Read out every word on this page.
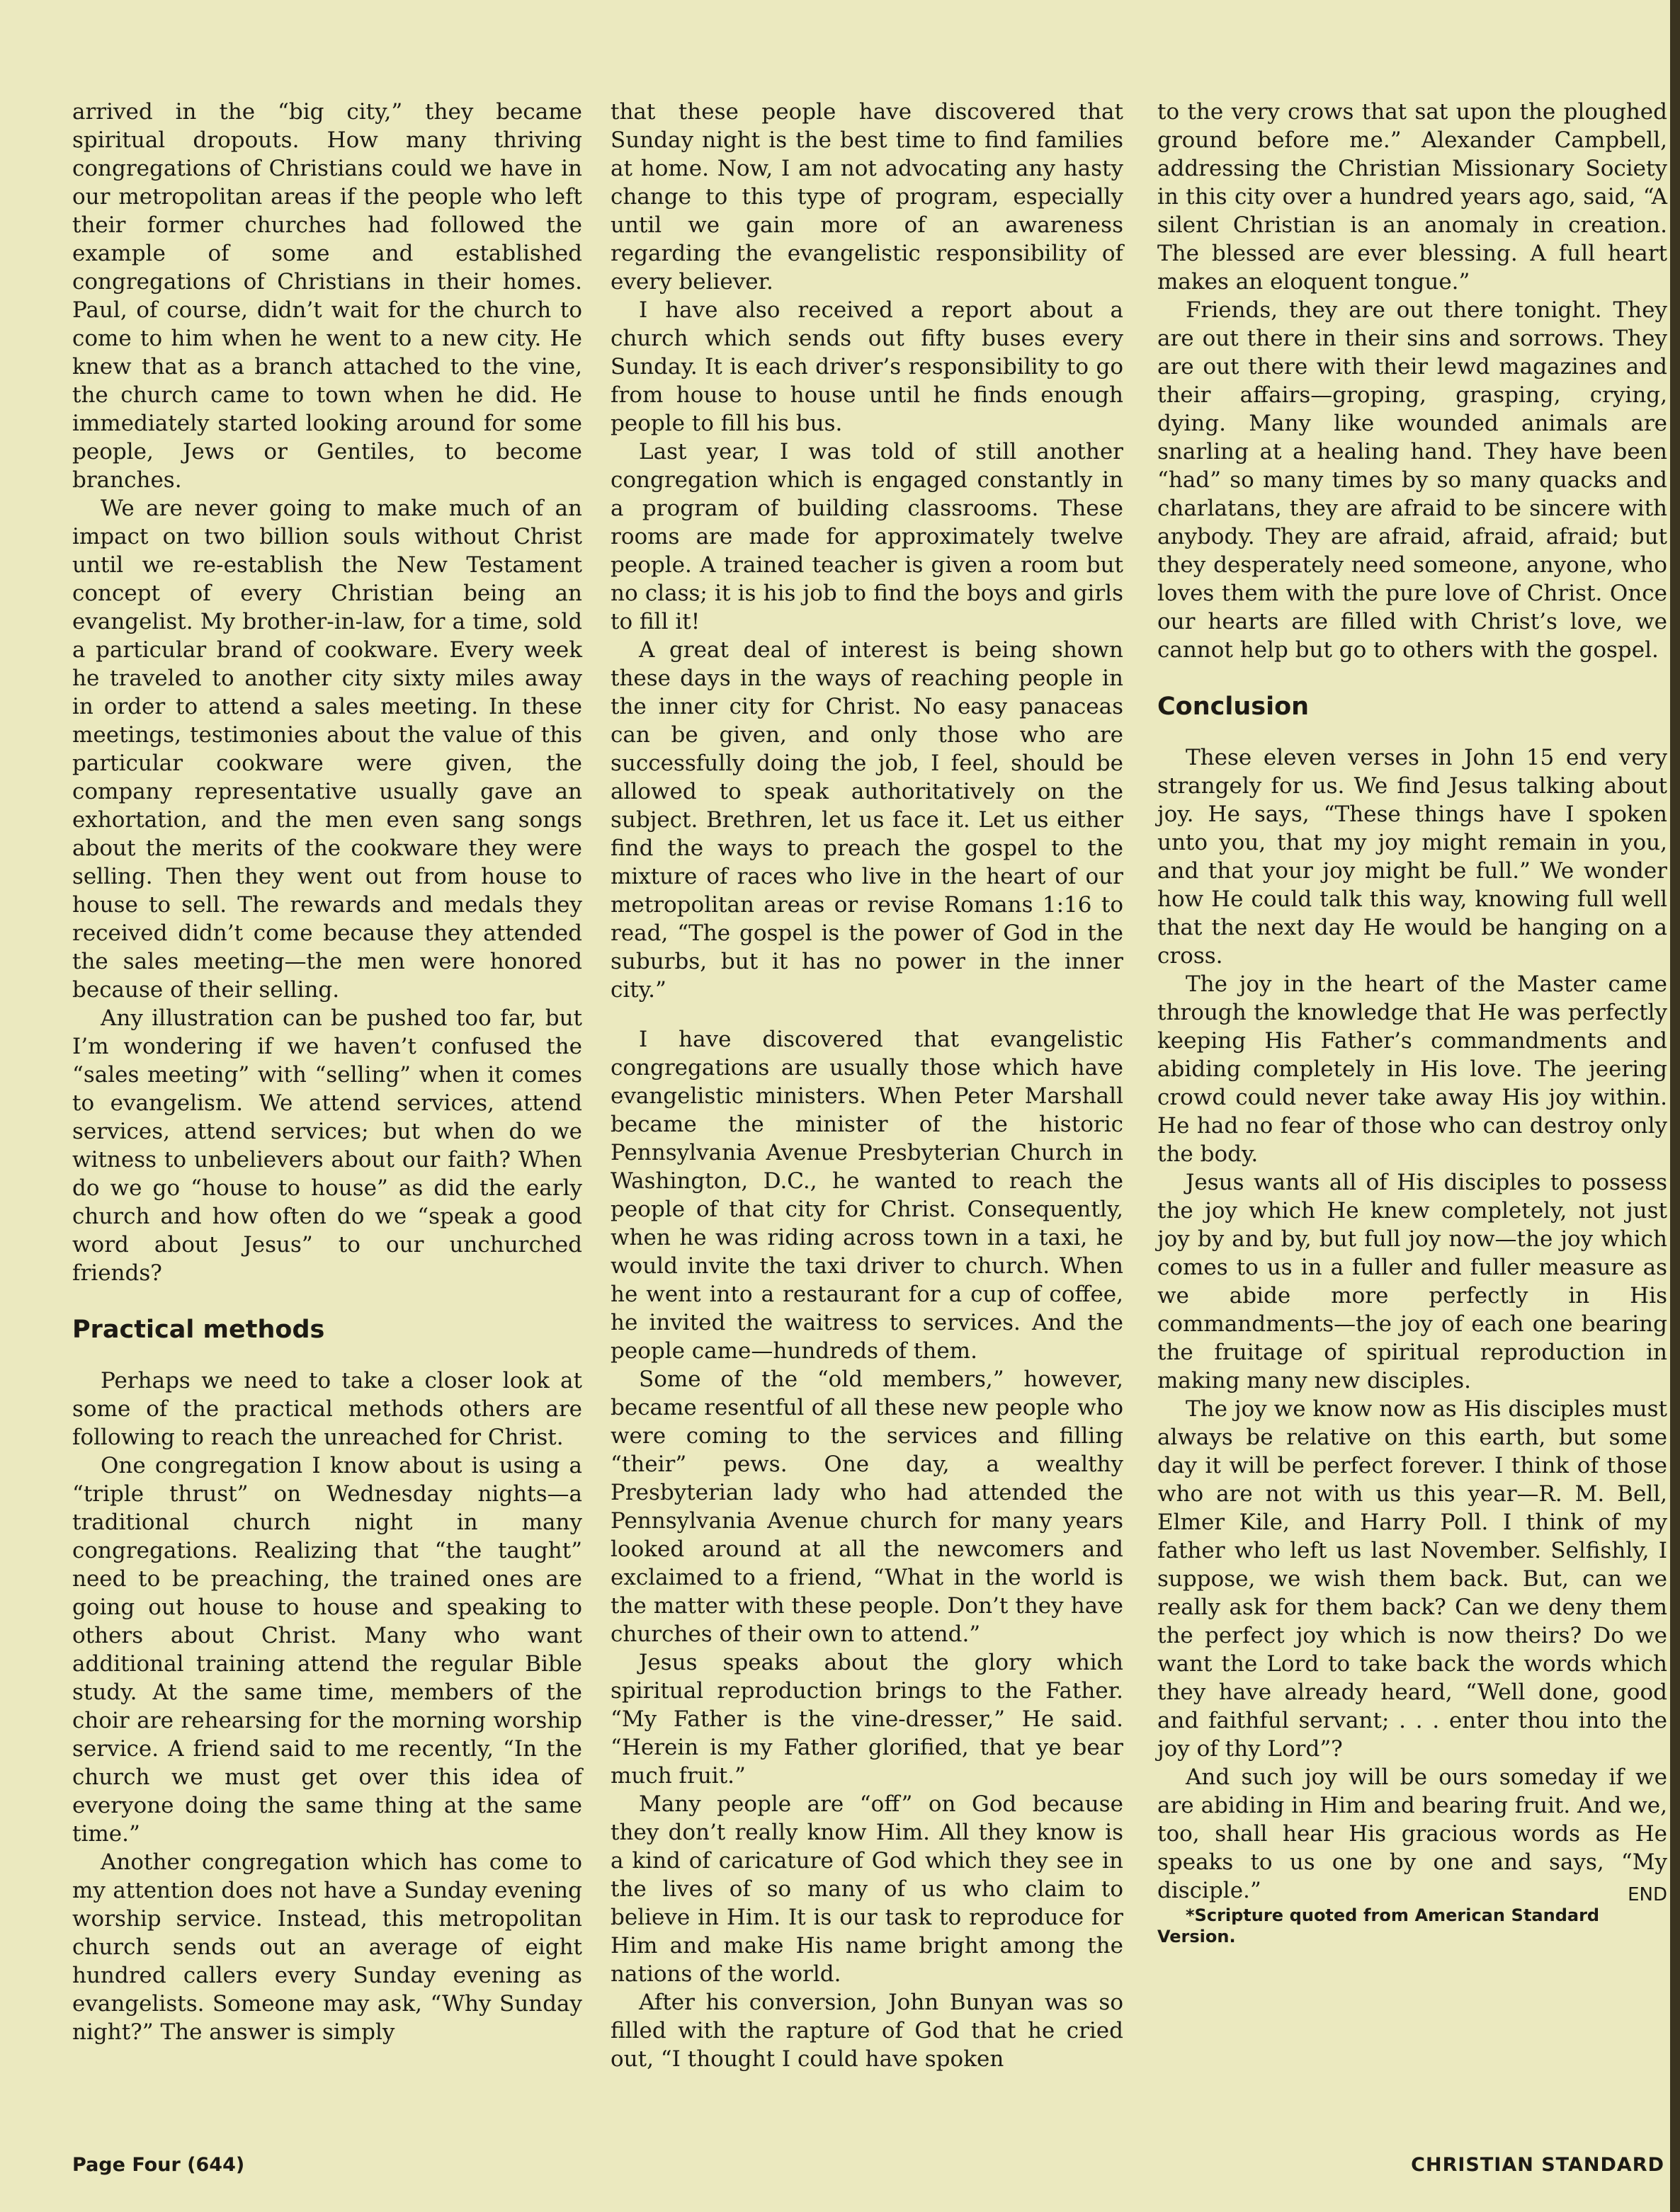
arrived in the “big city,” they became spiritual dropouts. How many thriving congregations of Christians could we have in our metropolitan areas if the people who left their former churches had followed the example of some and established congregations of Christians in their homes. Paul, of course, didn’t wait for the church to come to him when he went to a new city. He knew that as a branch attached to the vine, the church came to town when he did. He immediately started looking around for some people, Jews or Gentiles, to become branches.

We are never going to make much of an impact on two billion souls without Christ until we re-establish the New Testament concept of every Christian being an evangelist. My brother-in-law, for a time, sold a particular brand of cookware. Every week he traveled to another city sixty miles away in order to attend a sales meeting. In these meetings, testimonies about the value of this particular cookware were given, the company representative usually gave an exhortation, and the men even sang songs about the merits of the cookware they were selling. Then they went out from house to house to sell. The rewards and medals they received didn’t come because they attended the sales meeting—the men were honored because of their selling.

Any illustration can be pushed too far, but I’m wondering if we haven’t confused the “sales meeting” with “selling” when it comes to evangelism. We attend services, attend services, attend services; but when do we witness to unbelievers about our faith? When do we go “house to house” as did the early church and how often do we “speak a good word about Jesus” to our unchurched friends?

Practical methods

Perhaps we need to take a closer look at some of the practical methods others are following to reach the unreached for Christ.

One congregation I know about is using a “triple thrust” on Wednesday nights—a traditional church night in many congregations. Realizing that “the taught” need to be preaching, the trained ones are going out house to house and speaking to others about Christ. Many who want additional training attend the regular Bible study. At the same time, members of the choir are rehearsing for the morning worship service. A friend said to me recently, “In the church we must get over this idea of everyone doing the same thing at the same time.”

Another congregation which has come to my attention does not have a Sunday evening worship service. Instead, this metropolitan church sends out an average of eight hundred callers every Sunday evening as evangelists. Someone may ask, “Why Sunday night?” The answer is simply

that these people have discovered that Sunday night is the best time to find families at home. Now, I am not advocating any hasty change to this type of program, especially until we gain more of an awareness regarding the evangelistic responsibility of every believer.

I have also received a report about a church which sends out fifty buses every Sunday. It is each driver’s responsibility to go from house to house until he finds enough people to fill his bus.

Last year, I was told of still another congregation which is engaged constantly in a program of building classrooms. These rooms are made for approximately twelve people. A trained teacher is given a room but no class; it is his job to find the boys and girls to fill it!

A great deal of interest is being shown these days in the ways of reaching people in the inner city for Christ. No easy panaceas can be given, and only those who are successfully doing the job, I feel, should be allowed to speak authoritatively on the subject. Brethren, let us face it. Let us either find the ways to preach the gospel to the mixture of races who live in the heart of our metropolitan areas or revise Romans 1:16 to read, “The gospel is the power of God in the suburbs, but it has no power in the inner city.”

I have discovered that evangelistic congregations are usually those which have evangelistic ministers. When Peter Marshall became the minister of the historic Pennsylvania Avenue Presbyterian Church in Washington, D.C., he wanted to reach the people of that city for Christ. Consequently, when he was riding across town in a taxi, he would invite the taxi driver to church. When he went into a restaurant for a cup of coffee, he invited the waitress to services. And the people came—hundreds of them.

Some of the “old members,” however, became resentful of all these new people who were coming to the services and filling “their” pews. One day, a wealthy Presbyterian lady who had attended the Pennsylvania Avenue church for many years looked around at all the newcomers and exclaimed to a friend, “What in the world is the matter with these people. Don’t they have churches of their own to attend.”

Jesus speaks about the glory which spiritual reproduction brings to the Father. “My Father is the vine-dresser,” He said. “Herein is my Father glorified, that ye bear much fruit.”

Many people are “off” on God because they don’t really know Him. All they know is a kind of caricature of God which they see in the lives of so many of us who claim to believe in Him. It is our task to reproduce for Him and make His name bright among the nations of the world.

After his conversion, John Bunyan was so filled with the rapture of God that he cried out, “I thought I could have spoken

to the very crows that sat upon the ploughed ground before me.” Alexander Campbell, addressing the Christian Missionary Society in this city over a hundred years ago, said, “A silent Christian is an anomaly in creation. The blessed are ever blessing. A full heart makes an eloquent tongue.”

Friends, they are out there tonight. They are out there in their sins and sorrows. They are out there with their lewd magazines and their affairs—groping, grasping, crying, dying. Many like wounded animals are snarling at a healing hand. They have been “had” so many times by so many quacks and charlatans, they are afraid to be sincere with anybody. They are afraid, afraid, afraid; but they desperately need someone, anyone, who loves them with the pure love of Christ. Once our hearts are filled with Christ’s love, we cannot help but go to others with the gospel.

Conclusion

These eleven verses in John 15 end very strangely for us. We find Jesus talking about joy. He says, “These things have I spoken unto you, that my joy might remain in you, and that your joy might be full.” We wonder how He could talk this way, knowing full well that the next day He would be hanging on a cross.

The joy in the heart of the Master came through the knowledge that He was perfectly keeping His Father’s commandments and abiding completely in His love. The jeering crowd could never take away His joy within. He had no fear of those who can destroy only the body.

Jesus wants all of His disciples to possess the joy which He knew completely, not just joy by and by, but full joy now—the joy which comes to us in a fuller and fuller measure as we abide more perfectly in His commandments—the joy of each one bearing the fruitage of spiritual reproduction in making many new disciples.

The joy we know now as His disciples must always be relative on this earth, but some day it will be perfect forever. I think of those who are not with us this year—R. M. Bell, Elmer Kile, and Harry Poll. I think of my father who left us last November. Selfishly, I suppose, we wish them back. But, can we really ask for them back? Can we deny them the perfect joy which is now theirs? Do we want the Lord to take back the words which they have already heard, “Well done, good and faithful servant; . . . enter thou into the joy of thy Lord”?

And such joy will be ours someday if we are abiding in Him and bearing fruit. And we, too, shall hear His gracious words as He speaks to us one by one and says, “My disciple.”	END

*Scripture quoted from American Standard Version.

Page Four (644)	CHRISTIAN STANDARD
